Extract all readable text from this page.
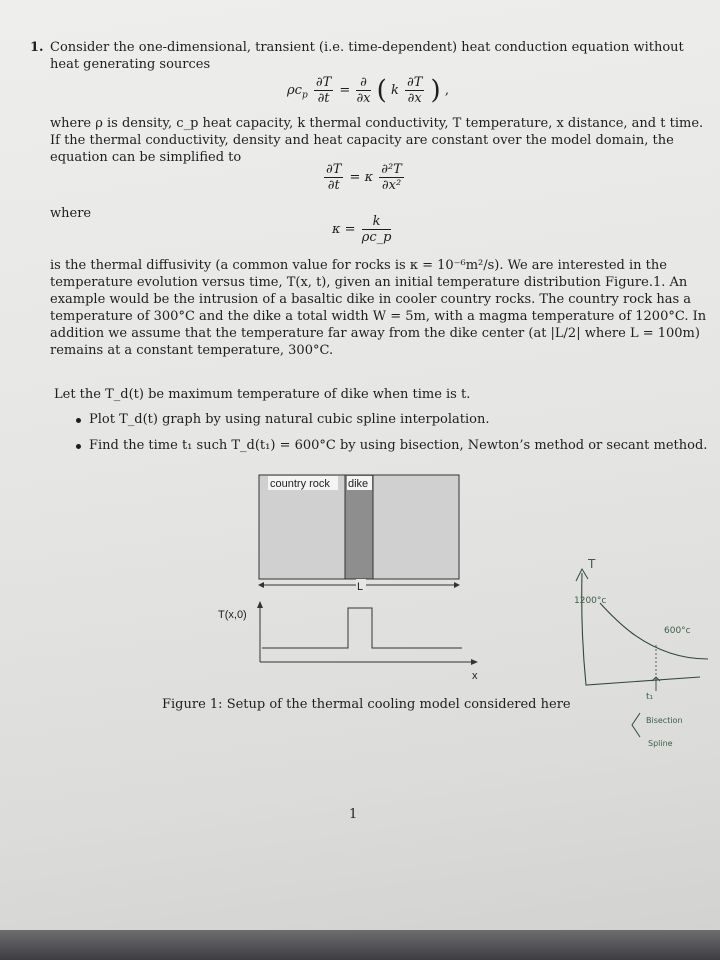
1. Consider the one-dimensional, transient (i.e. time-dependent) heat conduction equation without
heat generating sources
$\rho c_p \frac{\partial T}{\partial t} = \frac{\partial}{\partial x}$ ( k $\frac{\partial T}{\partial x}$ ) ,
where ρ is density, c_p heat capacity, k thermal conductivity, T temperature, x distance, and t time.
If the thermal conductivity, density and heat capacity are constant over the model domain, the
equation can be simplified to
$\frac{\partial T}{\partial t} = \kappa \frac{\text{∂²T}}{\text{∂x²}}$
where
$\kappa = \frac{k}{\rho c\_p}$
is the thermal diffusivity (a common value for rocks is κ = 10⁻⁶m²/s). We are interested in the
temperature evolution versus time, T(x, t), given an initial temperature distribution Figure.1. An
example would be the intrusion of a basaltic dike in cooler country rocks. The country rock has a
temperature of 300°C and the dike a total width W = 5m, with a magma temperature of 1200°C. In
addition we assume that the temperature far away from the dike center (at |L/2| where L = 100m)
remains at a constant temperature, 300°C.
Let the T_d(t) be maximum temperature of dike when time is t.
Plot T_d(t) graph by using natural cubic spline interpolation.
Find the time t₁ such T_d(t₁) = 600°C by using bisection, Newton’s method or secant method.
country rock dike
L
T(x,0)
x
Figure 1: Setup of the thermal cooling model considered here
T
1200°c
600°c
t₁
Bisection
Spline
1
